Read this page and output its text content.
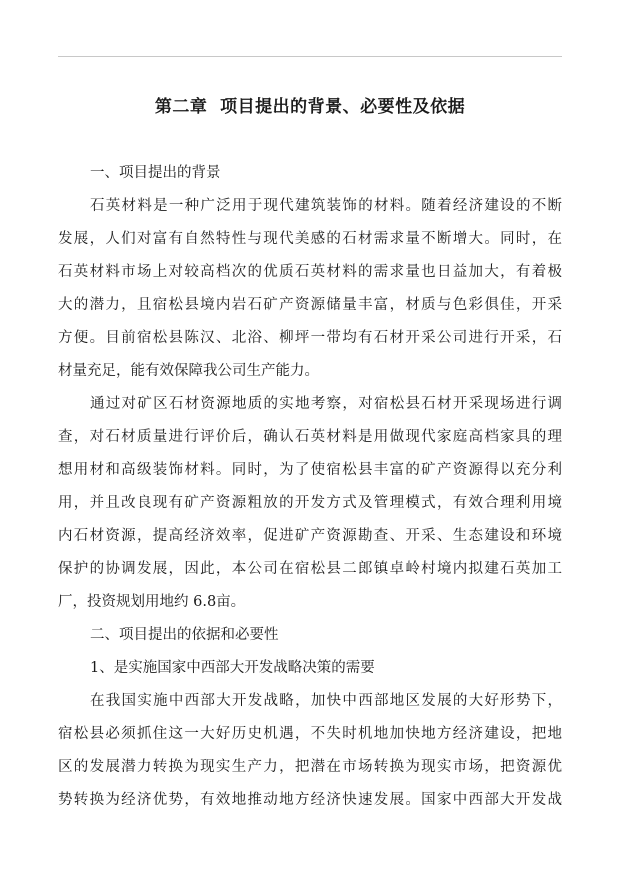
第二章  项目提出的背景、必要性及依据
一、项目提出的背景
石英材料是一种广泛用于现代建筑装饰的材料。随着经济建设的不断
发展，人们对富有自然特性与现代美感的石材需求量不断增大。同时，在
石英材料市场上对较高档次的优质石英材料的需求量也日益加大，有着极
大的潜力，且宿松县境内岩石矿产资源储量丰富，材质与色彩俱佳，开采
方便。目前宿松县陈汉、北浴、柳坪一带均有石材开采公司进行开采，石
材量充足，能有效保障我公司生产能力。
通过对矿区石材资源地质的实地考察，对宿松县石材开采现场进行调
查，对石材质量进行评价后，确认石英材料是用做现代家庭高档家具的理
想用材和高级装饰材料。同时，为了使宿松县丰富的矿产资源得以充分利
用，并且改良现有矿产资源粗放的开发方式及管理模式，有效合理利用境
内石材资源，提高经济效率，促进矿产资源勘查、开采、生态建设和环境
保护的协调发展，因此，本公司在宿松县二郎镇卓岭村境内拟建石英加工
厂，投资规划用地约 6.8亩。
二、项目提出的依据和必要性
1、是实施国家中西部大开发战略决策的需要
在我国实施中西部大开发战略，加快中西部地区发展的大好形势下，
宿松县必须抓住这一大好历史机遇，不失时机地加快地方经济建设，把地
区的发展潜力转换为现实生产力，把潜在市场转换为现实市场，把资源优
势转换为经济优势，有效地推动地方经济快速发展。国家中西部大开发战
